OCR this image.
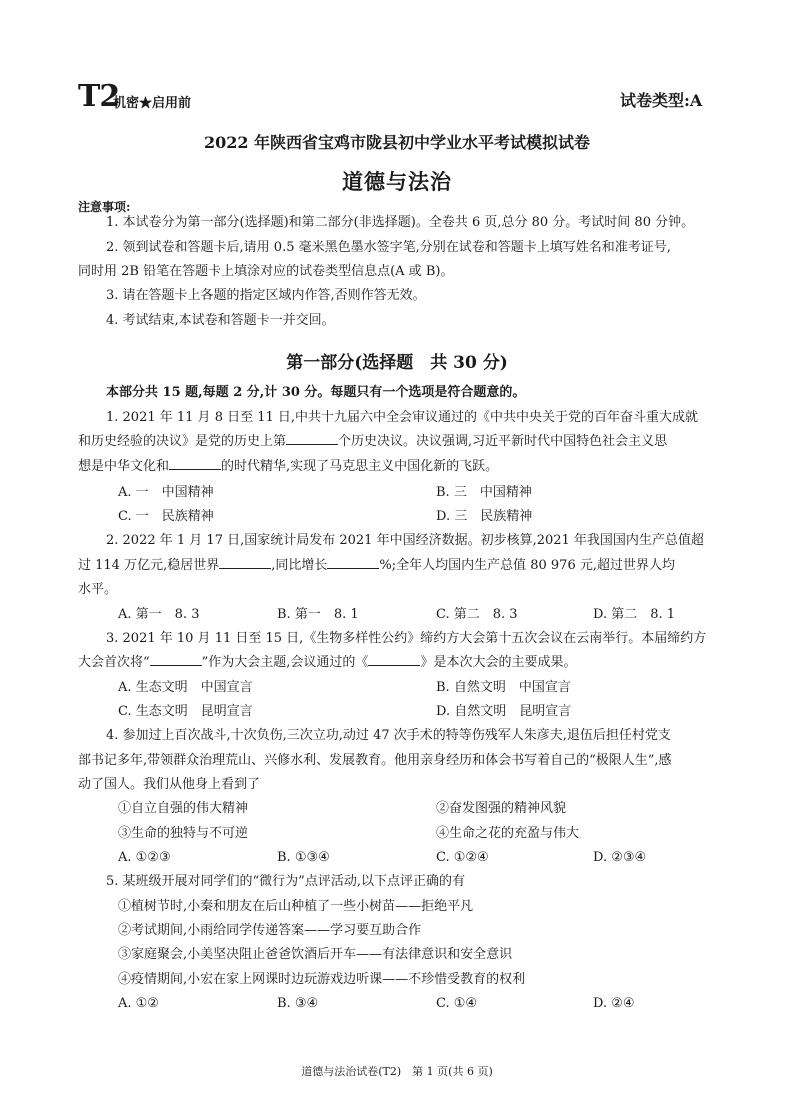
T2
机密★启用前	试卷类型:A
2022 年陕西省宝鸡市陇县初中学业水平考试模拟试卷
道德与法治
注意事项:
1. 本试卷分为第一部分(选择题)和第二部分(非选择题)。全卷共 6 页,总分 80 分。考试时间 80 分钟。
2. 领到试卷和答题卡后,请用 0.5 毫米黑色墨水签字笔,分别在试卷和答题卡上填写姓名和准考证号,
同时用 2B 铅笔在答题卡上填涂对应的试卷类型信息点(A 或 B)。
3. 请在答题卡上各题的指定区域内作答,否则作答无效。
4. 考试结束,本试卷和答题卡一并交回。
第一部分(选择题　共 30 分)
本部分共 15 题,每题 2 分,计 30 分。每题只有一个选项是符合题意的。
1. 2021 年 11 月 8 日至 11 日,中共十九届六中全会审议通过的《中共中央关于党的百年奋斗重大成就
和历史经验的决议》是党的历史上第	个历史决议。决议强调,习近平新时代中国特色社会主义思
想是中华文化和	的时代精华,实现了马克思主义中国化新的飞跃。
A. 一　中国精神	B. 三　中国精神
C. 一　民族精神	D. 三　民族精神
2. 2022 年 1 月 17 日,国家统计局发布 2021 年中国经济数据。初步核算,2021 年我国国内生产总值超
过 114 万亿元,稳居世界	,同比增长	%;全年人均国内生产总值 80 976 元,超过世界人均
水平。
A. 第一　8. 3	B. 第一　8. 1	C. 第二　8. 3	D. 第二　8. 1
3. 2021 年 10 月 11 日至 15 日,《生物多样性公约》缔约方大会第十五次会议在云南举行。本届缔约方
大会首次将“	”作为大会主题,会议通过的《	》是本次大会的主要成果。
A. 生态文明　中国宣言	B. 自然文明　中国宣言
C. 生态文明　昆明宣言	D. 自然文明　昆明宣言
4. 参加过上百次战斗,十次负伤,三次立功,动过 47 次手术的特等伤残军人朱彦夫,退伍后担任村党支
部书记多年,带领群众治理荒山、兴修水利、发展教育。他用亲身经历和体会书写着自己的“极限人生”,感
动了国人。我们从他身上看到了
①自立自强的伟大精神	②奋发图强的精神风貌
③生命的独特与不可逆	④生命之花的充盈与伟大
A. ①②③	B. ①③④	C. ①②④	D. ②③④
5. 某班级开展对同学们的“微行为”点评活动,以下点评正确的有
①植树节时,小秦和朋友在后山种植了一些小树苗——拒绝平凡
②考试期间,小雨给同学传递答案——学习要互助合作
③家庭聚会,小美坚决阻止爸爸饮酒后开车——有法律意识和安全意识
④疫情期间,小宏在家上网课时边玩游戏边听课——不珍惜受教育的权利
A. ①②	B. ③④	C. ①④	D. ②④
道德与法治试卷(T2)　第 1 页(共 6 页)
